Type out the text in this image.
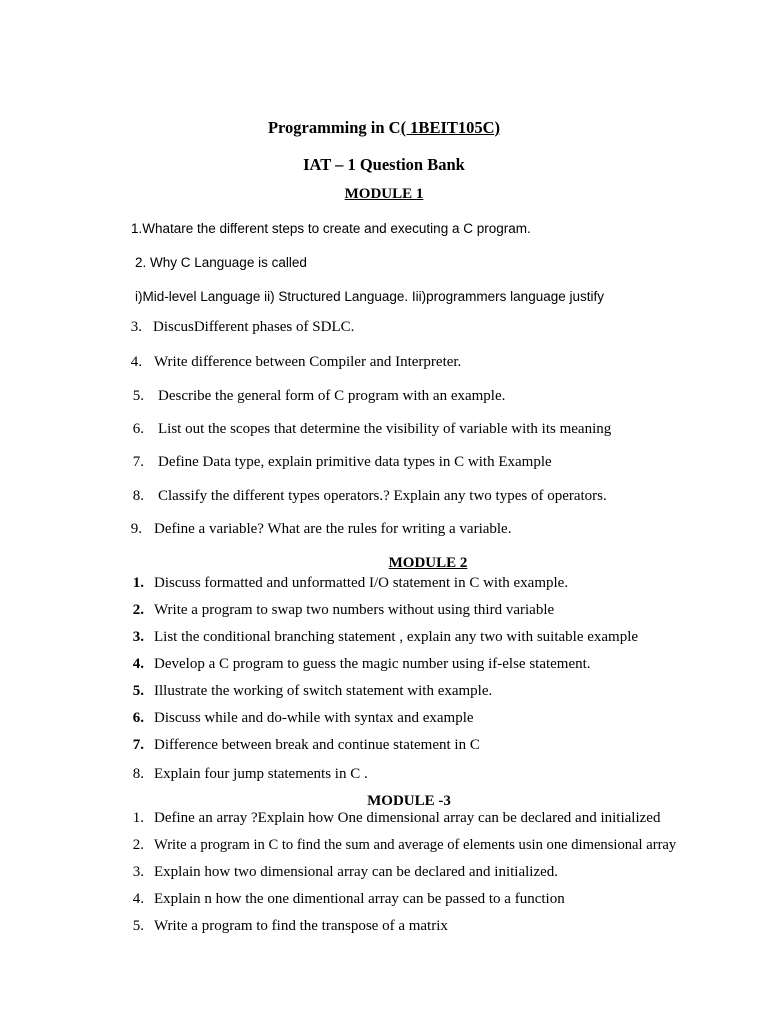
Programming in C( 1BEIT105C)
IAT – 1 Question Bank
MODULE 1
1.Whatare the different steps to create and executing a C program.
2. Why C Language is called
i)Mid-level Language ii) Structured Language. Iii)programmers language justify
3. DiscusDifferent phases of SDLC.
4. Write difference between Compiler and Interpreter.
5. Describe the general form of C program with an example.
6. List out the scopes that determine the visibility of variable with its meaning
7. Define Data type, explain primitive data types in C with Example
8. Classify the different types operators.? Explain any two types of operators.
9. Define a variable? What are the rules for writing a variable.
MODULE 2
1. Discuss formatted and unformatted I/O statement in C with example.
2. Write a program to swap two numbers without using third variable
3. List the conditional branching statement , explain any two with suitable example
4. Develop a C program to guess the magic number using if-else statement.
5. Illustrate the working of switch statement with example.
6. Discuss while and do-while with syntax and example
7. Difference between break and continue statement in C
8. Explain four jump statements in C .
MODULE -3
1. Define an array ?Explain how One dimensional array can be declared and initialized
2. Write a program in C to find the sum and average of elements usin one dimensional array
3. Explain how two dimensional array can be declared and initialized.
4. Explain n how the one dimentional array can be passed to a function
5. Write a program to find the transpose of a matrix
